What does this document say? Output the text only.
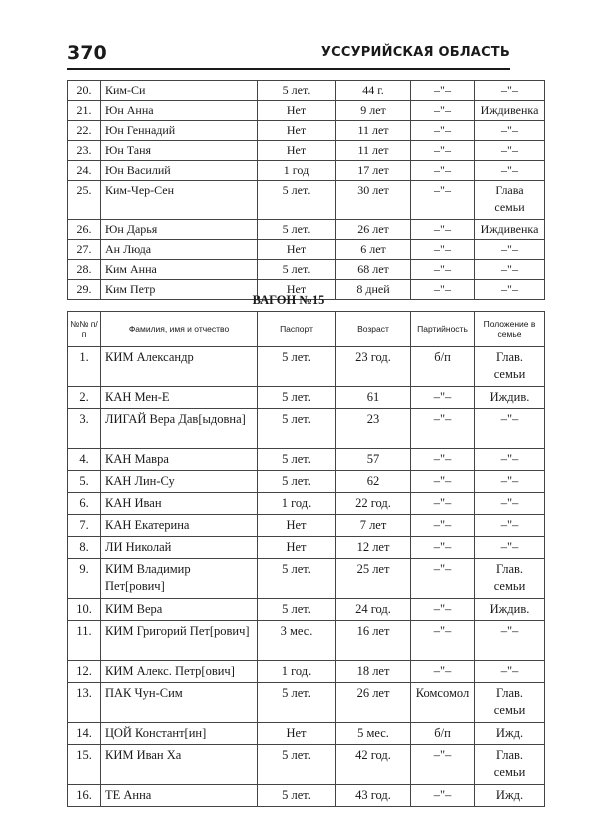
370	УССУРИЙСКАЯ ОБЛАСТЬ
20.	Ким-Си	5 лет.	44 г.	–"–	–"–
21.	Юн Анна	Нет	9 лет	–"–	Иждивенка
22.	Юн Геннадий	Нет	11 лет	–"–	–"–
23.	Юн Таня	Нет	11 лет	–"–	–"–
24.	Юн Василий	1 год	17 лет	–"–	–"–
25.	Ким-Чер-Сен	5 лет.	30 лет	–"–	Глава семьи
26.	Юн Дарья	5 лет.	26 лет	–"–	Иждивенка
27.	Ан Люда	Нет	6 лет	–"–	–"–
28.	Ким Анна	5 лет.	68 лет	–"–	–"–
29.	Ким Петр	Нет	8 дней	–"–	–"–
ВАГОН №15
№№ п/п	Фамилия, имя и отчество	Паспорт	Возраст	Партийность	Положение в семье
1.	КИМ Александр	5 лет.	23 год.	б/п	Глав. семьи
2.	КАН Мен-Е	5 лет.	61	–"–	Иждив.
3.	ЛИГАЙ Вера Дав[ыдовна]	5 лет.	23	–"–	–"–
4.	КАН Мавра	5 лет.	57	–"–	–"–
5.	КАН Лин-Су	5 лет.	62	–"–	–"–
6.	КАН Иван	1 год.	22 год.	–"–	–"–
7.	КАН Екатерина	Нет	7 лет	–"–	–"–
8.	ЛИ Николай	Нет	12 лет	–"–	–"–
9.	КИМ Владимир Пет[рович]	5 лет.	25 лет	–"–	Глав. семьи
10.	КИМ Вера	5 лет.	24 год.	–"–	Иждив.
11.	КИМ Григорий Пет[рович]	3 мес.	16 лет	–"–	–"–
12.	КИМ Алекс. Петр[ович]	1 год.	18 лет	–"–	–"–
13.	ПАК Чун-Сим	5 лет.	26 лет	Комсомол	Глав. семьи
14.	ЦОЙ Констант[ин]	Нет	5 мес.	б/п	Ижд.
15.	КИМ Иван Ха	5 лет.	42 год.	–"–	Глав. семьи
16.	ТЕ Анна	5 лет.	43 год.	–"–	Ижд.
